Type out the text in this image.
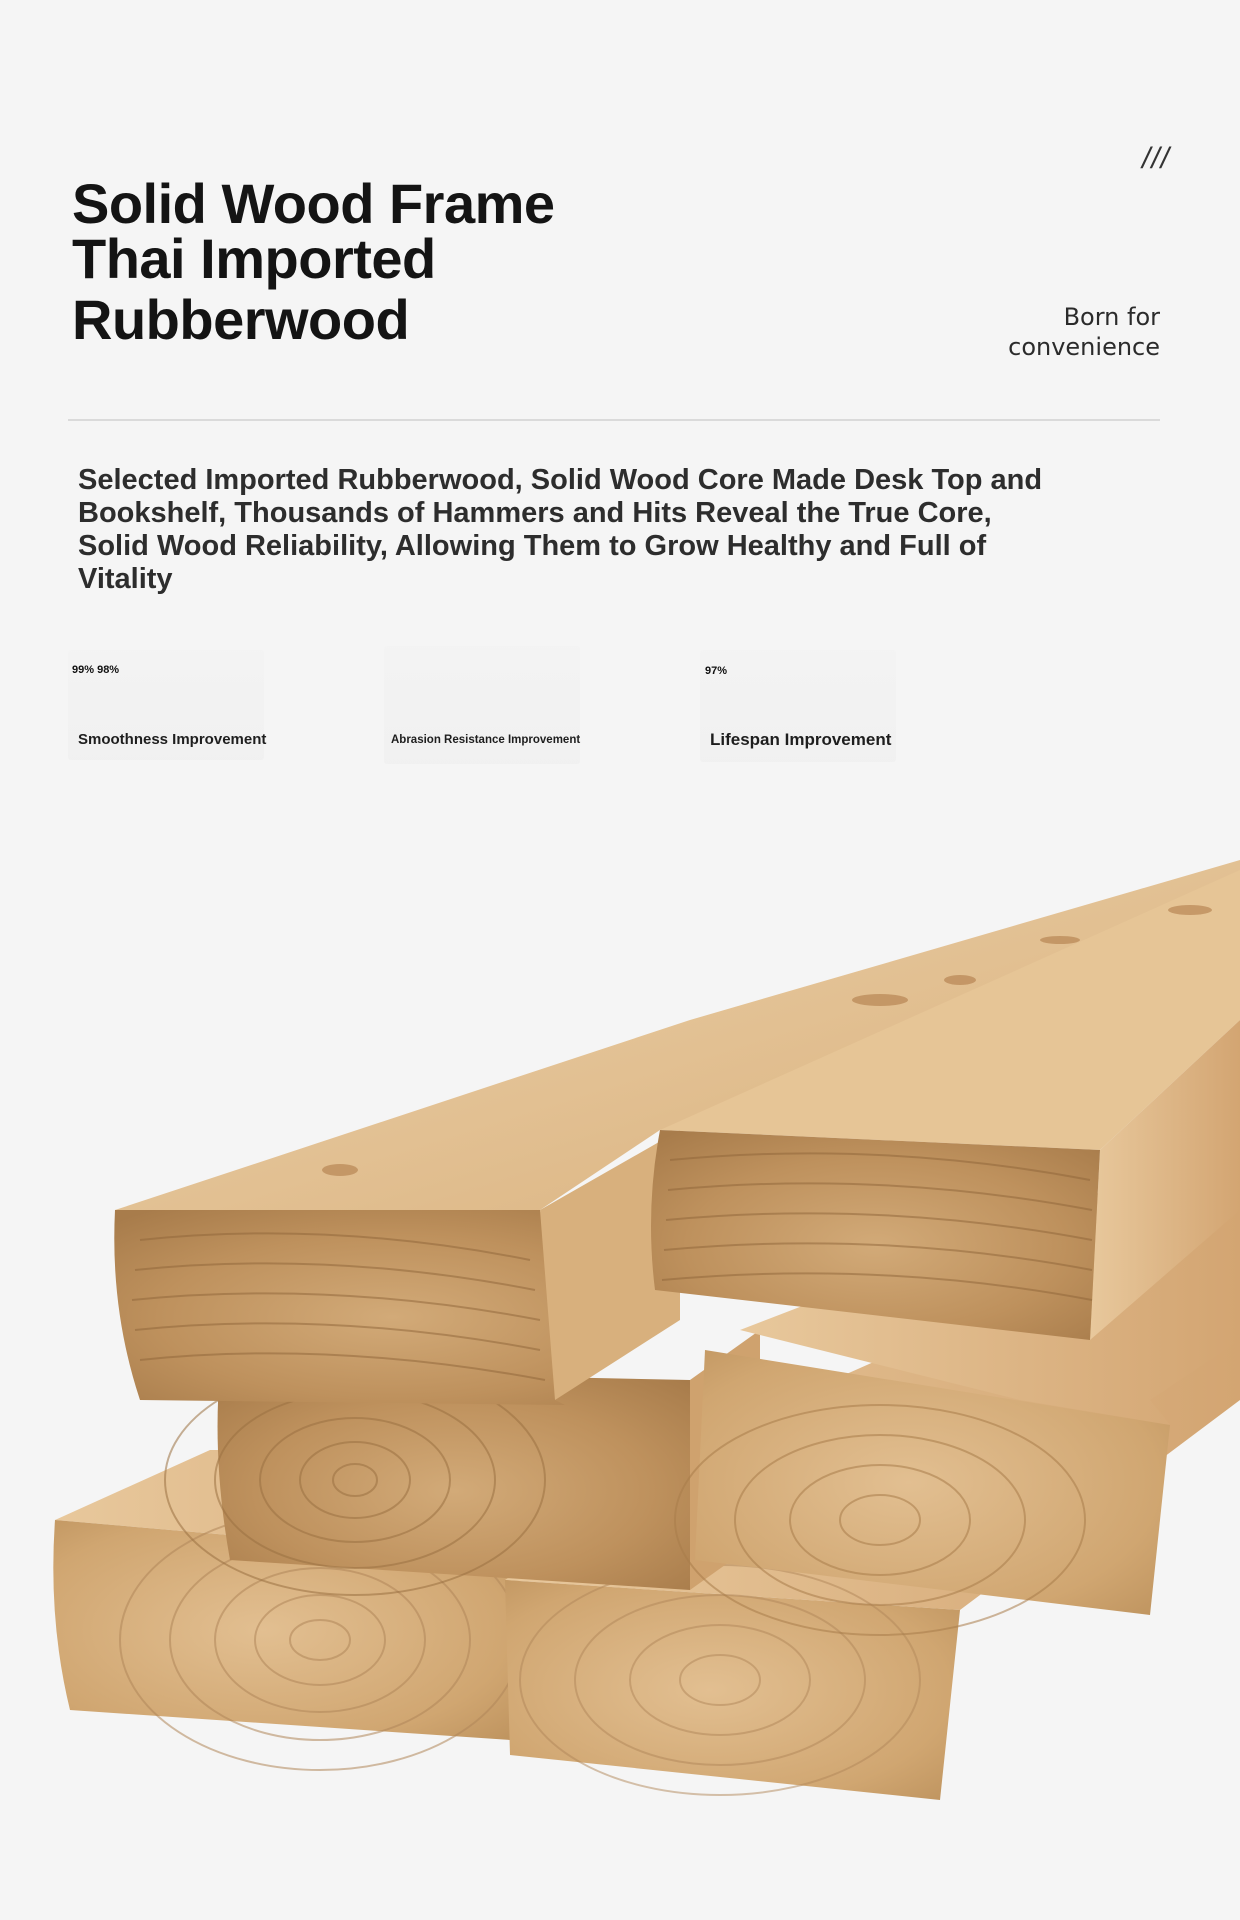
///
Solid Wood Frame
Thai Imported
Rubberwood	Born for
convenience

Selected Imported Rubberwood, Solid Wood Core Made Desk Top and Bookshelf, Thousands of Hammers and Hits Reveal the True Core, Solid Wood Reliability, Allowing Them to Grow Healthy and Full of Vitality

99% 98%
Smoothness Improvement	Abrasion Resistance Improvement
97%
Lifespan Improvement
